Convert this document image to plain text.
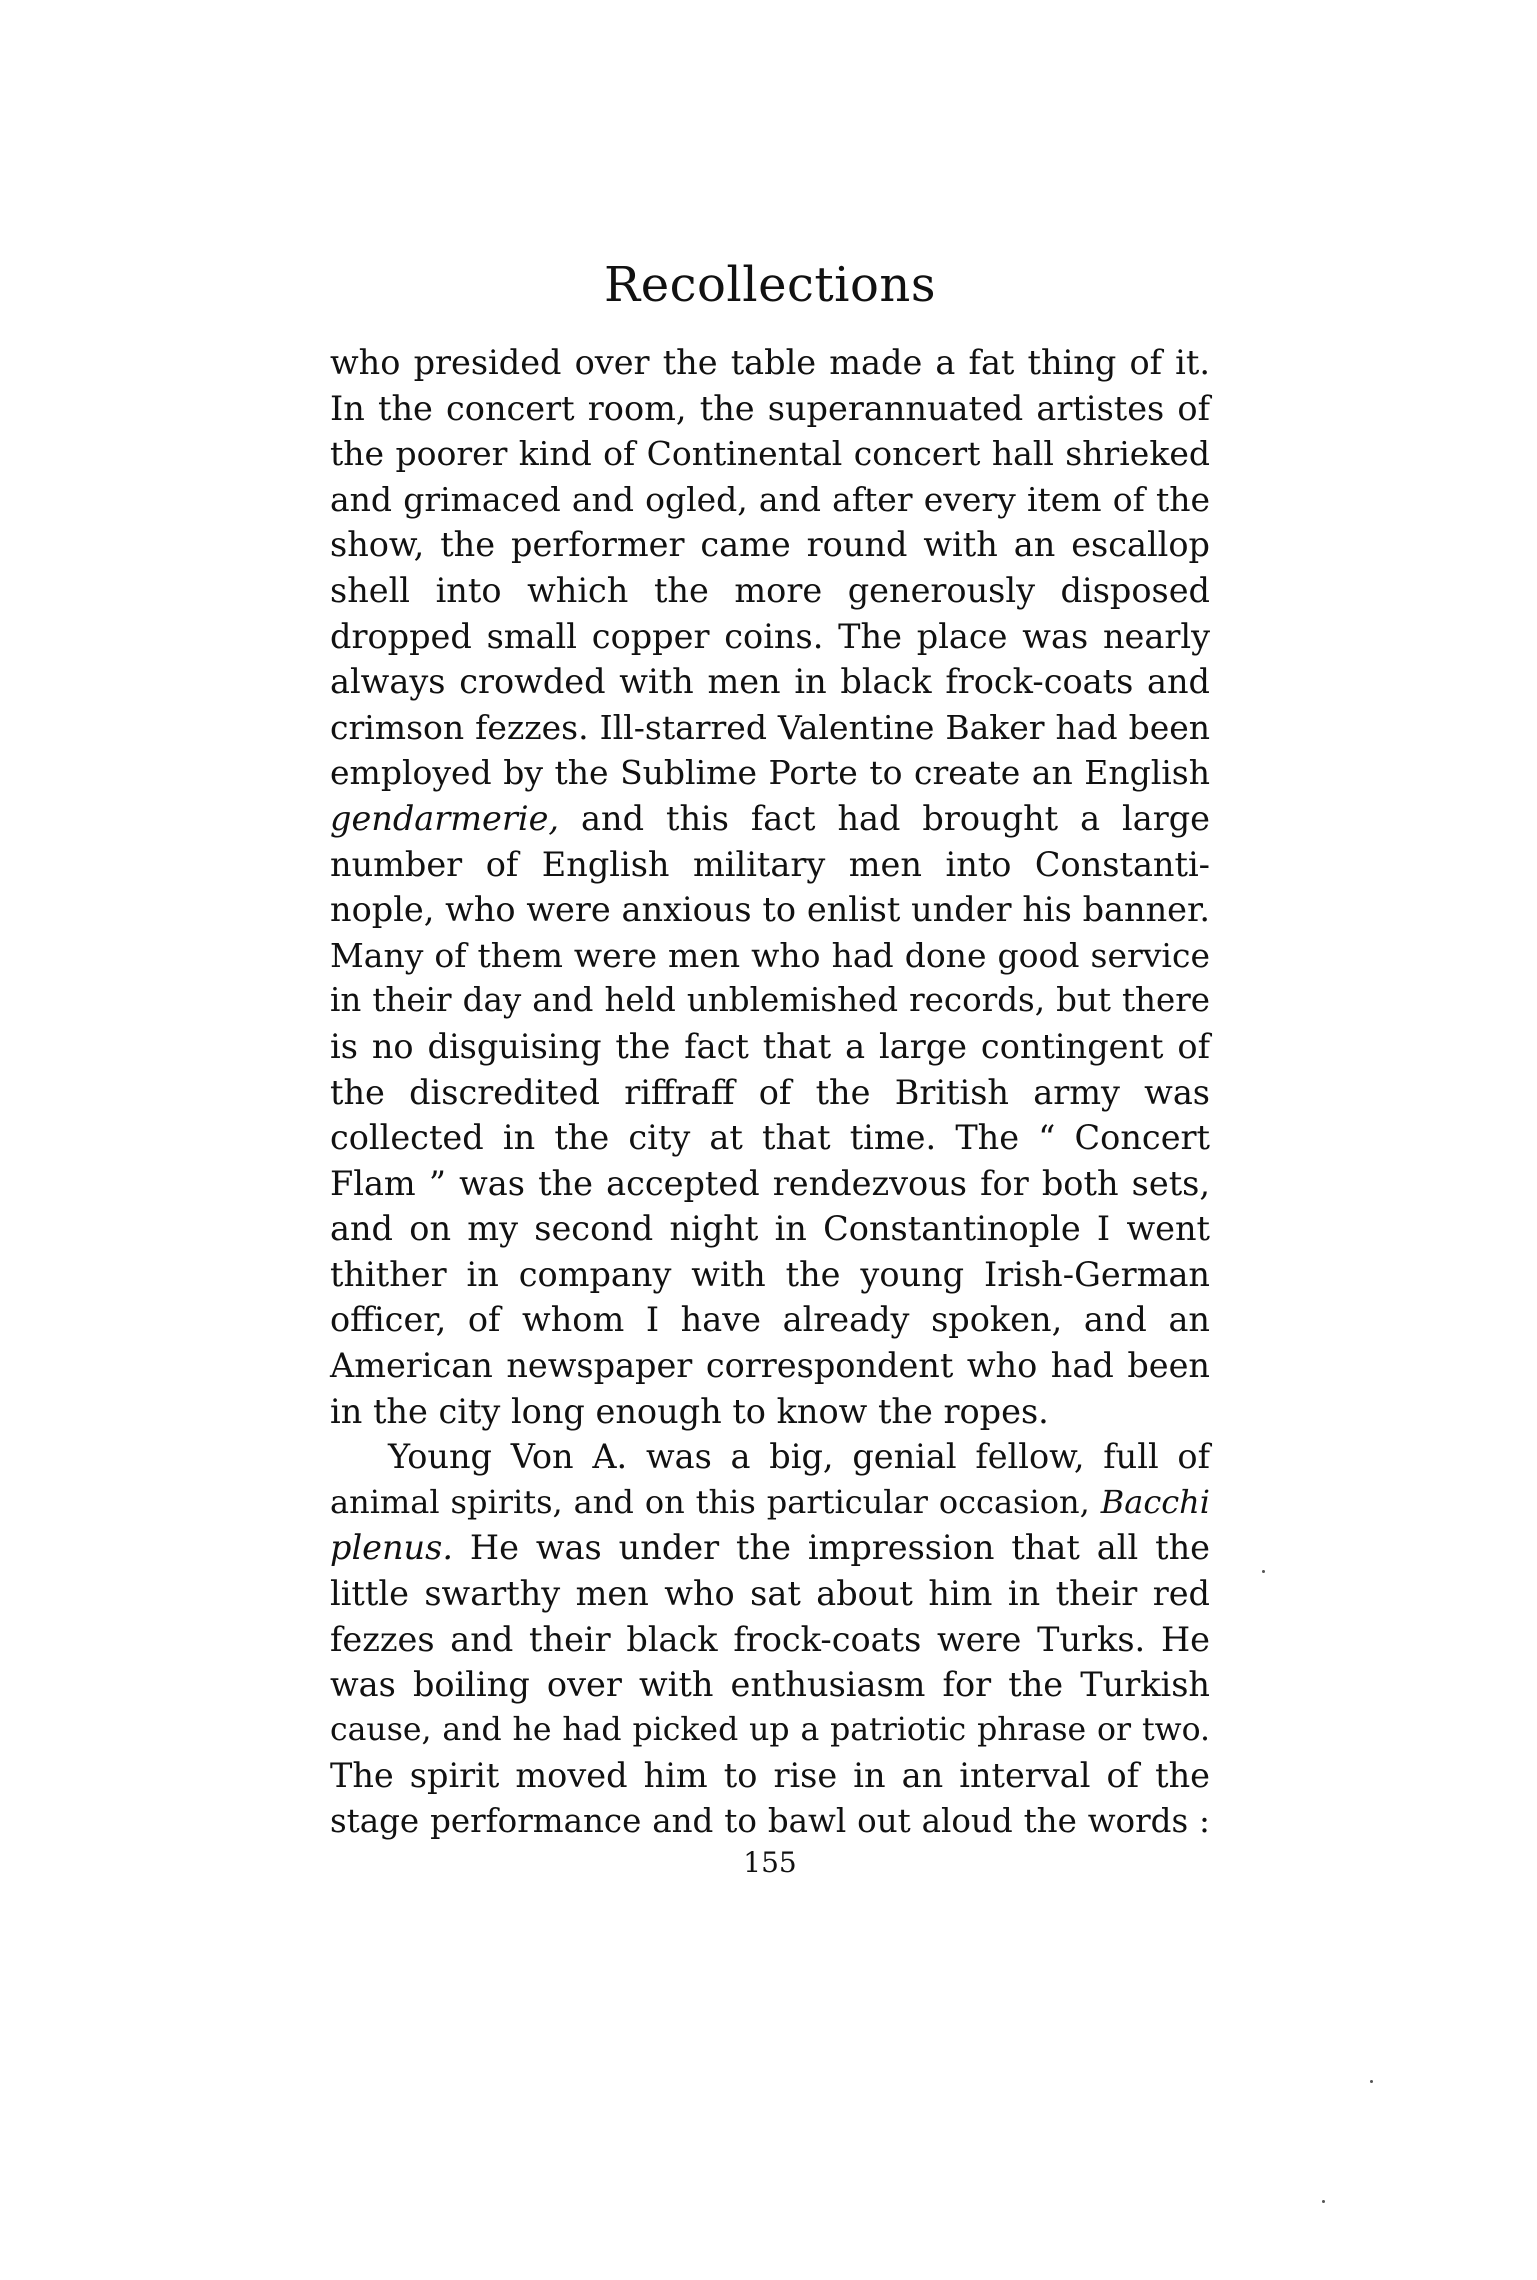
Recollections
who presided over the table made a fat thing of it.
In the concert room, the superannuated artistes of
the poorer kind of Continental concert hall shrieked
and grimaced and ogled, and after every item of the
show, the performer came round with an escallop
shell into which the more generously disposed
dropped small copper coins. The place was nearly
always crowded with men in black frock-coats and
crimson fezzes. Ill-starred Valentine Baker had been
employed by the Sublime Porte to create an English
gendarmerie, and this fact had brought a large
number of English military men into Constanti-
nople, who were anxious to enlist under his banner.
Many of them were men who had done good service
in their day and held unblemished records, but there
is no disguising the fact that a large contingent of
the discredited riffraff of the British army was
collected in the city at that time. The “ Concert
Flam ” was the accepted rendezvous for both sets,
and on my second night in Constantinople I went
thither in company with the young Irish-German
officer, of whom I have already spoken, and an
American newspaper correspondent who had been
in the city long enough to know the ropes.
Young Von A. was a big, genial fellow, full of
animal spirits, and on this particular occasion, Bacchi
plenus. He was under the impression that all the
little swarthy men who sat about him in their red
fezzes and their black frock-coats were Turks. He
was boiling over with enthusiasm for the Turkish
cause, and he had picked up a patriotic phrase or two.
The spirit moved him to rise in an interval of the
stage performance and to bawl out aloud the words :
155
